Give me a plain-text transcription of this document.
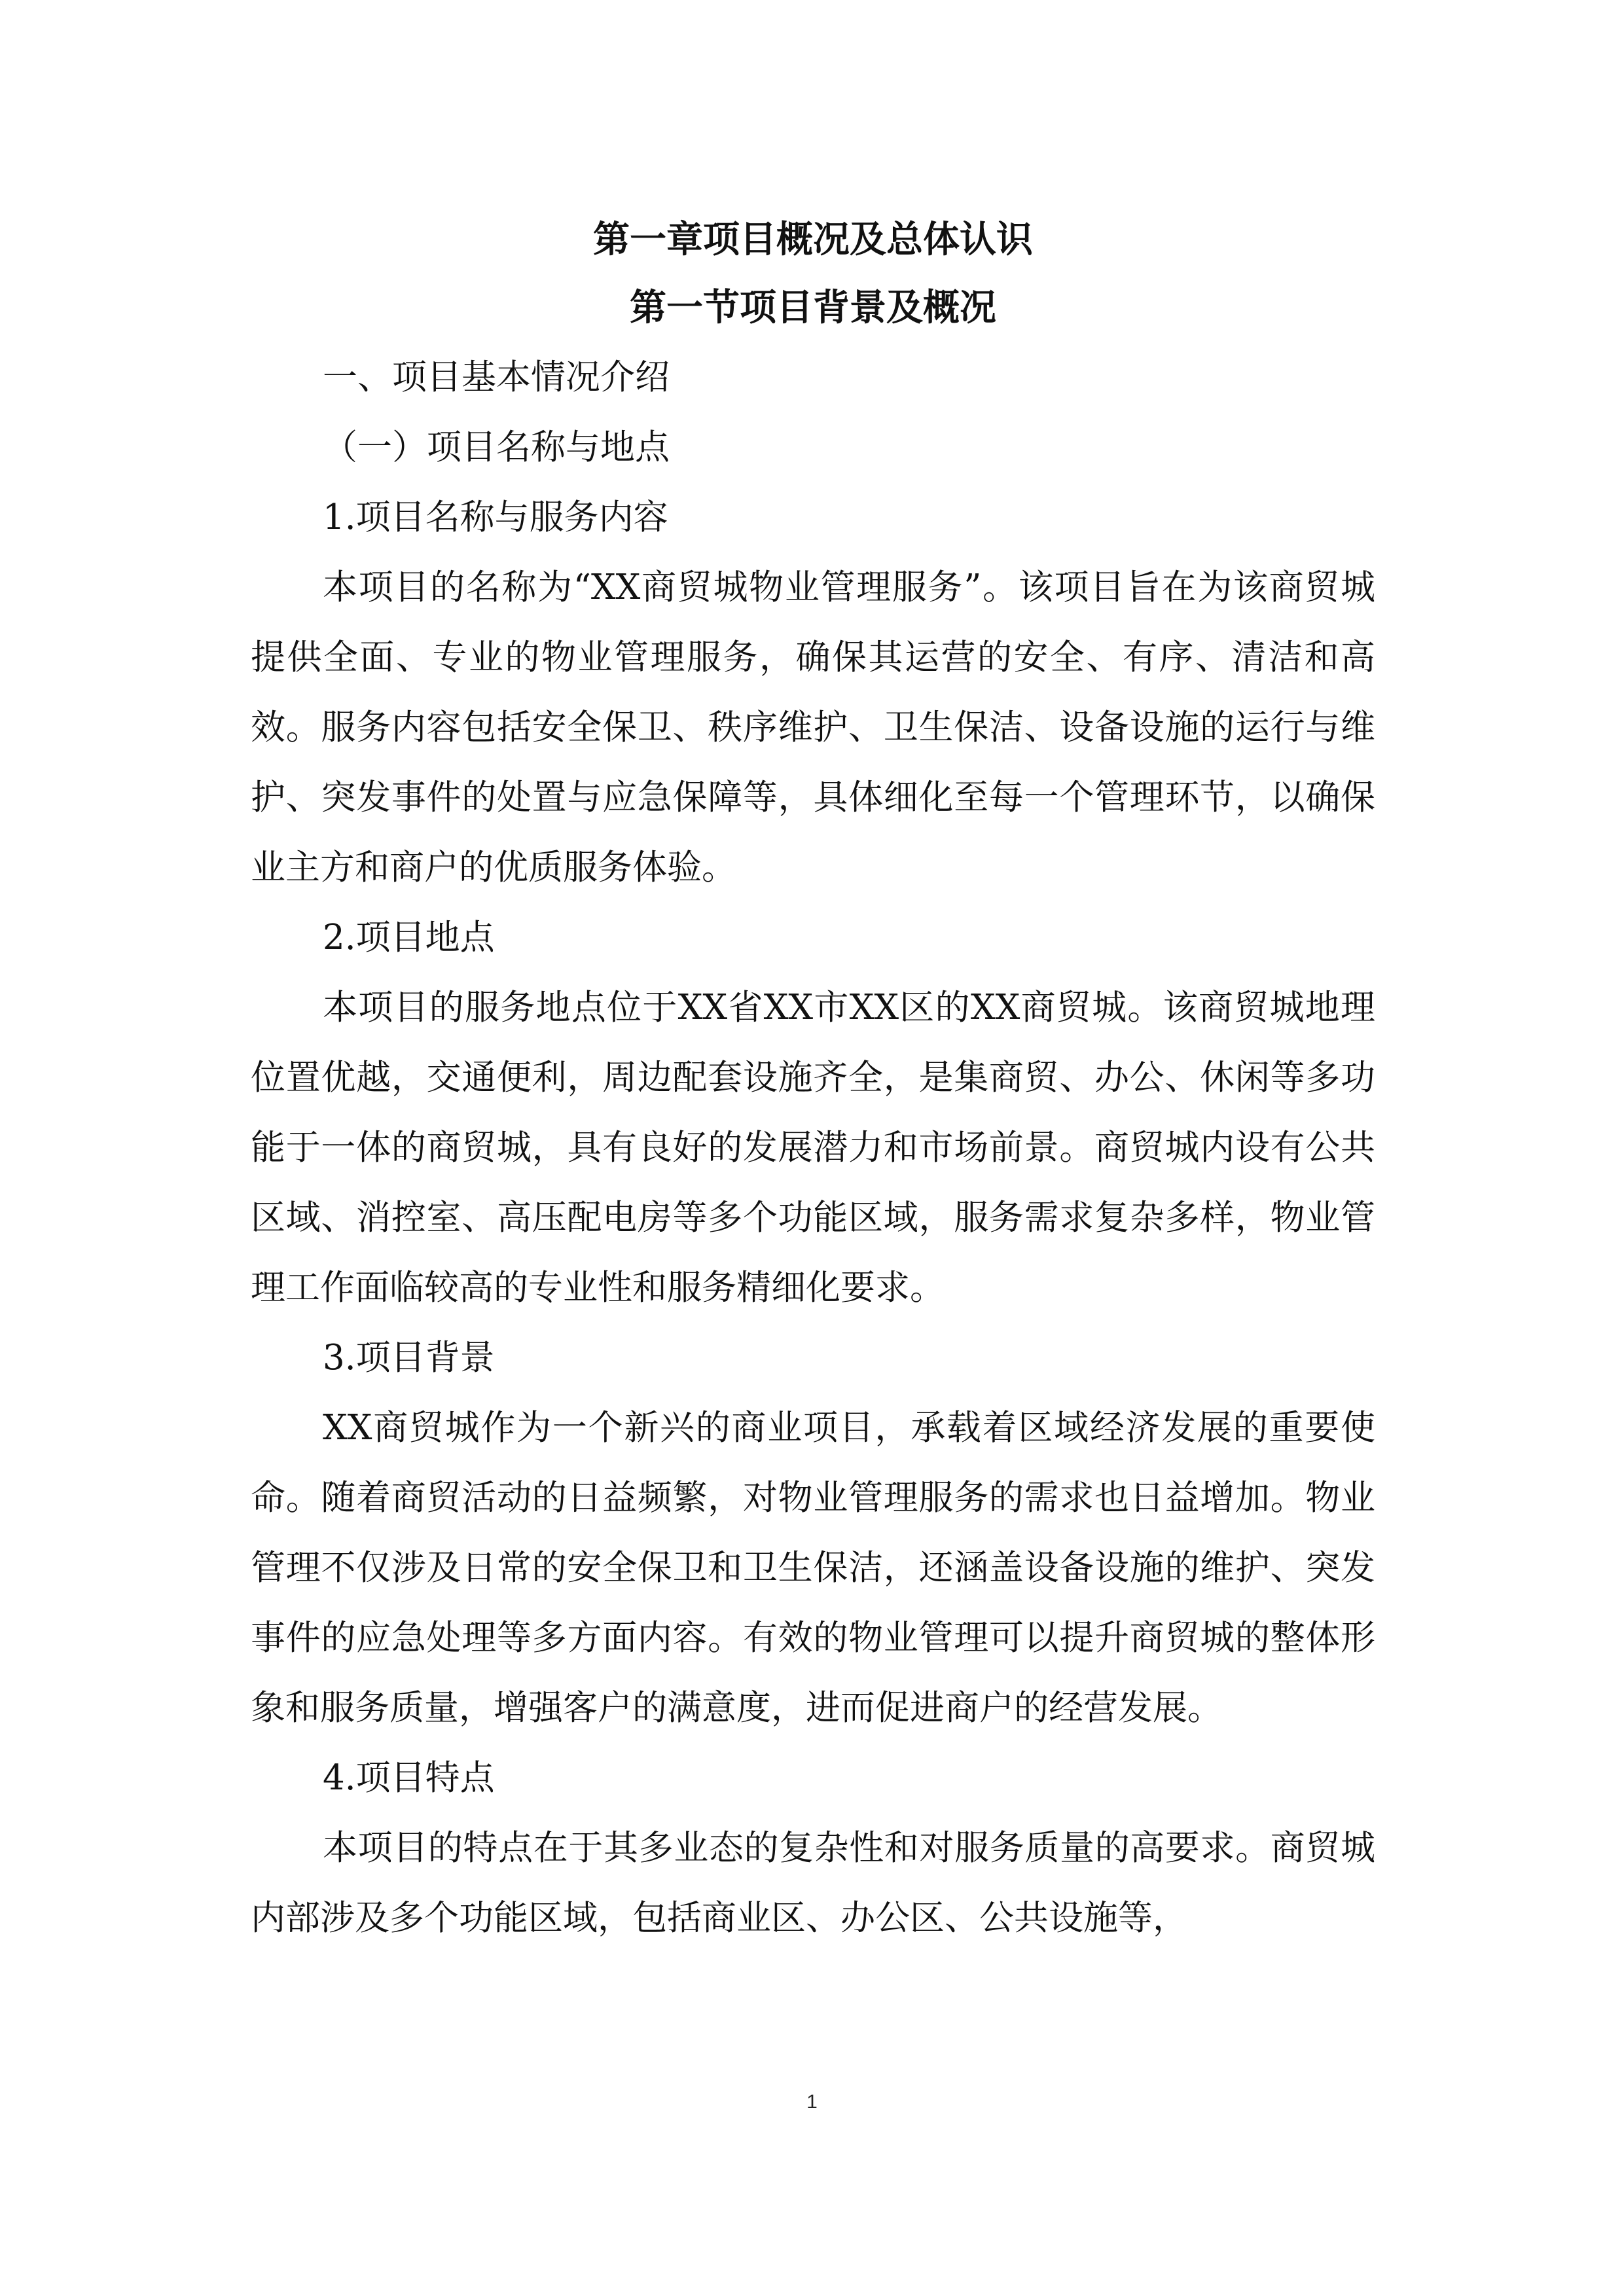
第一章项目概况及总体认识

第一节项目背景及概况

一、项目基本情况介绍

（一）项目名称与地点

1.项目名称与服务内容

本项目的名称为“XX商贸城物业管理服务”。该项目旨在为该商贸城提供全面、专业的物业管理服务，确保其运营的安全、有序、清洁和高效。服务内容包括安全保卫、秩序维护、卫生保洁、设备设施的运行与维护、突发事件的处置与应急保障等，具体细化至每一个管理环节，以确保业主方和商户的优质服务体验。

2.项目地点

本项目的服务地点位于XX省XX市XX区的XX商贸城。该商贸城地理位置优越，交通便利，周边配套设施齐全，是集商贸、办公、休闲等多功能于一体的商贸城，具有良好的发展潜力和市场前景。商贸城内设有公共区域、消控室、高压配电房等多个功能区域，服务需求复杂多样，物业管理工作面临较高的专业性和服务精细化要求。

3.项目背景

XX商贸城作为一个新兴的商业项目，承载着区域经济发展的重要使命。随着商贸活动的日益频繁，对物业管理服务的需求也日益增加。物业管理不仅涉及日常的安全保卫和卫生保洁，还涵盖设备设施的维护、突发事件的应急处理等多方面内容。有效的物业管理可以提升商贸城的整体形象和服务质量，增强客户的满意度，进而促进商户的经营发展。

4.项目特点

本项目的特点在于其多业态的复杂性和对服务质量的高要求。商贸城内部涉及多个功能区域，包括商业区、办公区、公共设施等，

1
